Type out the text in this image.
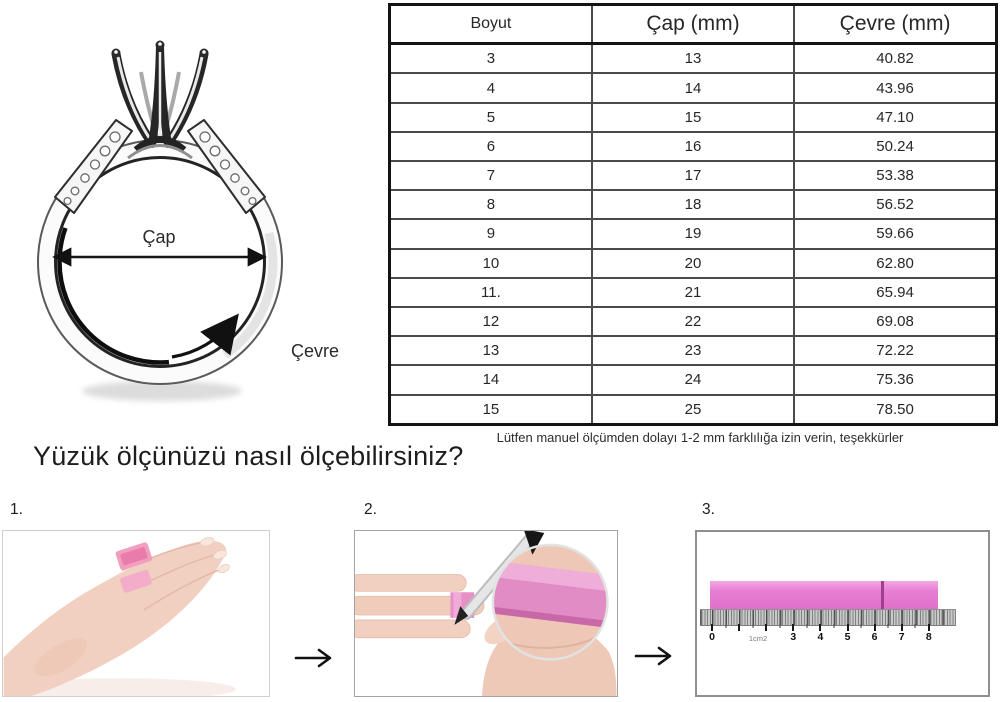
Çap
Çevre
Boyut	Çap (mm)	Çevre (mm)
3	13	40.82
4	14	43.96
5	15	47.10
6	16	50.24
7	17	53.38
8	18	56.52
9	19	59.66
10	20	62.80
11.	21	65.94
12	22	69.08
13	23	72.22
14	24	75.36
15	25	78.50
Lütfen manuel ölçümden dolayı 1-2 mm farklılığa izin verin, teşekkürler
Yüzük ölçünüzü nasıl ölçebilirsiniz?
1.	2.	3.
1cm2
0	3 4 5 6 7 8
